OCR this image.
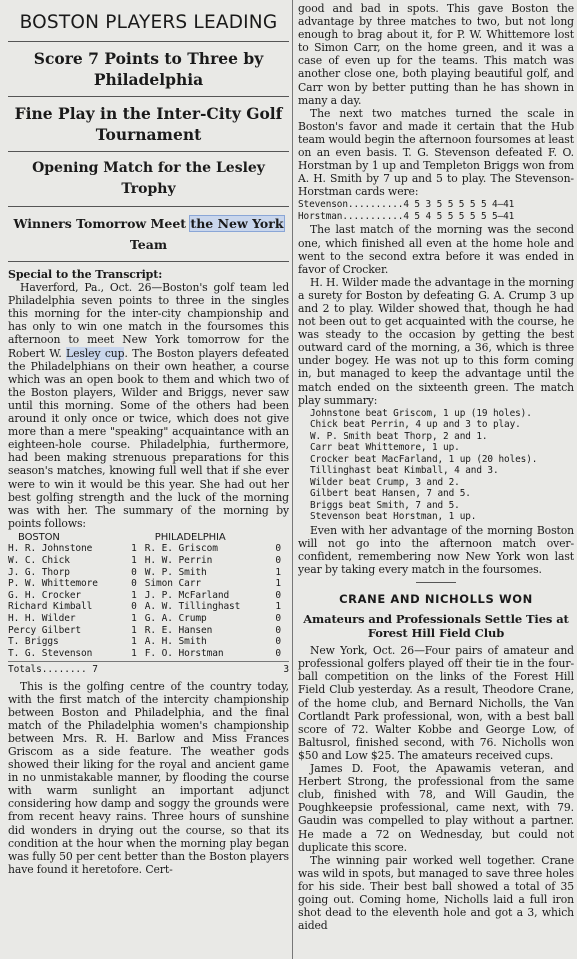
BOSTON PLAYERS LEADING
Score 7 Points to Three by Philadelphia
Fine Play in the Inter-City Golf Tournament
Opening Match for the Lesley Trophy
Winners Tomorrow Meet the New York Team
Special to the Transcript:

Haverford, Pa., Oct. 26—Boston's golf team led Philadelphia seven points to three in the singles this morning for the inter-city championship and has only to win one match in the foursomes this afternoon to meet New York tomorrow for the Robert W. Lesley cup. The Boston players defeated the Philadelphians on their own heather, a course which was an open book to them and which two of the Boston players, Wilder and Briggs, never saw until this morning. Some of the others had been around it only once or twice, which does not give more than a mere "speaking" acquaintance with an eighteen-hole course. Philadelphia, furthermore, had been making strenuous preparations for this season's matches, knowing full well that if she ever were to win it would be this year. She had out her best golfing strength and the luck of the morning was with her. The summary of the morning by points follows:

BOSTON		PHILADELPHIA	
H. R. Johnstone	1	R. E. Griscom	0
W. C. Chick	1	H. W. Perrin	0
J. G. Thorp	0	W. P. Smith	1
P. W. Whittemore	0	Simon Carr	1
G. H. Crocker	1	J. P. McFarland	0
Richard Kimball	0	A. W. Tillinghast	1
H. H. Wilder	1	G. A. Crump	0
Percy Gilbert	1	R. E. Hansen	0
T. Briggs	1	A. H. Smith	0
T. G. Stevenson	1	F. O. Horstman	0
Totals........ 7	3

This is the golfing centre of the country today, with the first match of the intercity championship between Boston and Philadelphia, and the final match of the Philadelphia women's championship between Mrs. R. H. Barlow and Miss Frances Griscom as a side feature. The weather gods showed their liking for the royal and ancient game in no unmistakable manner, by flooding the course with warm sunlight an important adjunct considering how damp and soggy the grounds were from recent heavy rains. Three hours of sunshine did wonders in drying out the course, so that its condition at the hour when the morning play began was fully 50 per cent better than the Boston players have found it heretofore. Cert-

good and bad in spots. This gave Boston the advantage by three matches to two, but not long enough to brag about it, for P. W. Whittemore lost to Simon Carr, on the home green, and it was a case of even up for the teams. This match was another close one, both playing beautiful golf, and Carr won by better putting than he has shown in many a day.

The next two matches turned the scale in Boston's favor and made it certain that the Hub team would begin the afternoon foursomes at least on an even basis. T. G. Stevenson defeated F. O. Horstman by 1 up and Templeton Briggs won from A. H. Smith by 7 up and 5 to play. The Stevenson-Horstman cards were:

Stevenson..........4 5 3 5 5 5 5 5 4—41
Horstman...........4 5 4 5 5 5 5 5 5—41

The last match of the morning was the second one, which finished all even at the home hole and went to the second extra before it was ended in favor of Crocker.

H. H. Wilder made the advantage in the morning a surety for Boston by defeating G. A. Crump 3 up and 2 to play. Wilder showed that, though he had not been out to get acquainted with the course, he was steady to the occasion by getting the best outward card of the morning, a 36, which is three under bogey. He was not up to this form coming in, but managed to keep the advantage until the match ended on the sixteenth green. The match play summary:

Johnstone beat Griscom, 1 up (19 holes).
Chick beat Perrin, 4 up and 3 to play.
W. P. Smith beat Thorp, 2 and 1.
Carr beat Whittemore, 1 up.
Crocker beat MacFarland, 1 up (20 holes).
Tillinghast beat Kimball, 4 and 3.
Wilder beat Crump, 3 and 2.
Gilbert beat Hansen, 7 and 5.
Briggs beat Smith, 7 and 5.
Stevenson beat Horstman, 1 up.

Even with her advantage of the morning Boston will not go into the afternoon match over-confident, remembering now New York won last year by taking every match in the foursomes.

CRANE AND NICHOLLS WON
Amateurs and Professionals Settle Ties at Forest Hill Field Club

New York, Oct. 26—Four pairs of amateur and professional golfers played off their tie in the four-ball competition on the links of the Forest Hill Field Club yesterday. As a result, Theodore Crane, of the home club, and Bernard Nicholls, the Van Cortlandt Park professional, won, with a best ball score of 72. Walter Kobbe and George Low, of Baltusrol, finished second, with 76. Nicholls won $50 and Low $25. The amateurs received cups.

James D. Foot, the Apawamis veteran, and Herbert Strong, the professional from the same club, finished with 78, and Will Gaudin, the Poughkeepsie professional, came next, with 79. Gaudin was compelled to play without a partner. He made a 72 on Wednesday, but could not duplicate this score.

The winning pair worked well together. Crane was wild in spots, but managed to save three holes for his side. Their best ball showed a total of 35 going out. Coming home, Nicholls laid a full iron shot dead to the eleventh hole and got a 3, which aided
